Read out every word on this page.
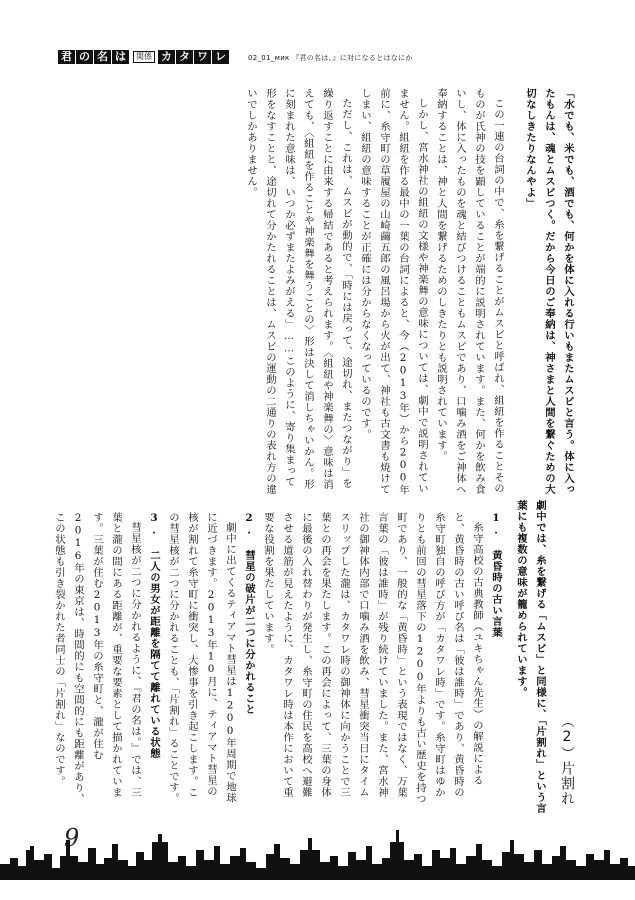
君 の 名 は	関係 カ タ ワ レ	02_01_мик 『君の名は。』に対になるとはなにか

「水でも、米でも、酒でも、何かを体に入れる行いもまたムスビと言う。体に入ったもんは、魂とムスビつく。だから今日のご奉納は、神さまと人間を繋ぐための大切なしきたりなんやよ」

この一連の台詞の中で、糸を繋げることがムスビと呼ばれ、組紐を作ることそのものが氏神の技を顕していることが端的に説明されています。また、何かを飲み食いし、体に入ったものを魂と結びつけることもムスビであり、口噛み酒をご神体へ奉納することは、神と人間を繋げるためのしきたりとも説明されています。

しかし、宮水神社の組紐の文様や神楽舞の意味については、劇中で説明されていません。組紐を作る最中の一葉の台詞によると、今（2013年）から200年前に、糸守町の草履屋の山崎繭五郎の風呂場から火が出て、神社も古文書も焼けてしまい、組紐の意味することが正確には分からなくなっているのです。

ただし、これは、ムスビが動的で、「時には戻って、途切れ、またつながり」を繰り返すことに由来する帰結であると考えられます。〈組紐や神楽舞の〉意味は消えても、〈組紐を作ることや神楽舞を舞うことの〉形は決して消しちゃいかん。形に刻まれた意味は、いつか必ずまたよみがえる」……このように、寄り集まって形をなすことと、途切れて分かたれることは、ムスビの運動の二通りの表れ方の違いでしかありません。

劇中では、糸を繋げる「ムスビ」と同様に、「片割れ」という言葉にも複数の意味が籠められています。

1. 黄昏時の古い言葉

糸守高校の古典教師（ユキちゃん先生）の解説によると、黄昏時の古い呼び名は「彼は誰時」であり、黄昏時の糸守町独自の呼び方が「カタワレ時」です。糸守町はゆかりとも前回の彗星落下の1200年よりも古い歴史を持つ町であり、一般的な「黄昏時」という表現ではなく、万葉言葉の「彼は誰時」が残り続けていました。また、宮水神社の御神体内部で口噛み酒を飲み、彗星衝突当日にタイムスリップした瀧は、カタワレ時の御神体に向かうことで三葉との再会を果たします。この再会によって、三葉の身体に最後の入れ替わりが発生し、糸守町の住民を高校へ避難させる道筋が見えたように、カタワレ時は本作において重要な役割を果たしています。

2. 彗星の破片が二つに分かれること

劇中に出てくるティアマト彗星は1200年周期で地球に近づきます。2013年10月に、ティアマト彗星の核が割れて糸守町に衝突し、大惨事を引き起こします。この彗星核が二つに分かれることも、「片割れ」ることです。

3. 二人の男女が距離を隔てて離れている状態

彗星核が二つに分かれるように、『君の名は。』では、三葉と瀧の間にある距離が、重要な要素として描かれています。三葉が住む2013年の糸守町と、瀧が住む2016年の東京は、時間的にも空間的にも距離があり、この状態も引き裂かれた者同士の「片割れ」なのです。	（2）片割れ
9
